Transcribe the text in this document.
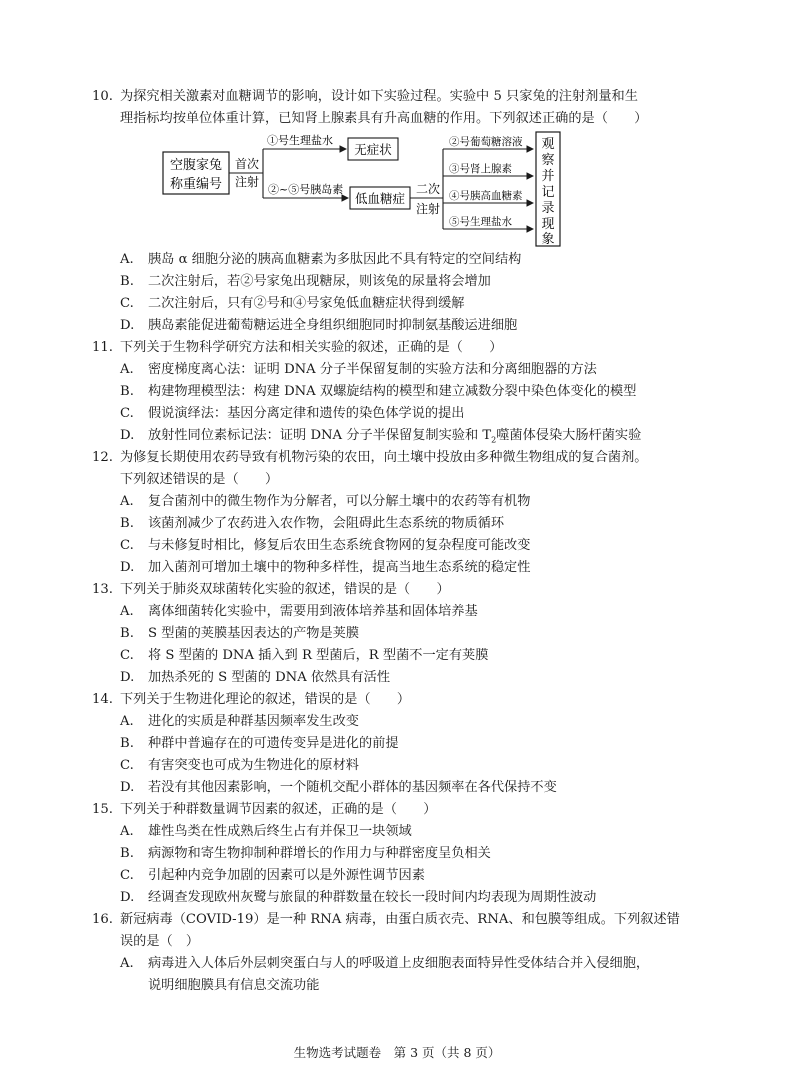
10. 为探究相关激素对血糖调节的影响，设计如下实验过程。实验中 5 只家兔的注射剂量和生
理指标均按单位体重计算，已知肾上腺素具有升高血糖的作用。下列叙述正确的是（　　）
空腹家兔
称重编号
首次
注射
①号生理盐水
无症状
②~⑤号胰岛素
低血糖症
二次
注射
②号葡萄糖溶液
③号肾上腺素
④号胰高血糖素
⑤号生理盐水
观
察
并
记
录
现
象
A. 胰岛 α 细胞分泌的胰高血糖素为多肽因此不具有特定的空间结构
B. 二次注射后，若②号家兔出现糖尿，则该兔的尿量将会增加
C. 二次注射后，只有②号和④号家兔低血糖症状得到缓解
D. 胰岛素能促进葡萄糖运进全身组织细胞同时抑制氨基酸运进细胞
11. 下列关于生物科学研究方法和相关实验的叙述，正确的是（　　）
A. 密度梯度离心法：证明 DNA 分子半保留复制的实验方法和分离细胞器的方法
B. 构建物理模型法：构建 DNA 双螺旋结构的模型和建立减数分裂中染色体变化的模型
C. 假说演绎法：基因分离定律和遗传的染色体学说的提出
D. 放射性同位素标记法：证明 DNA 分子半保留复制实验和 $T_2$噬菌体侵染大肠杆菌实验
12. 为修复长期使用农药导致有机物污染的农田，向土壤中投放由多种微生物组成的复合菌剂。
下列叙述错误的是（　　）
A. 复合菌剂中的微生物作为分解者，可以分解土壤中的农药等有机物
B. 该菌剂减少了农药进入农作物，会阻碍此生态系统的物质循环
C. 与未修复时相比，修复后农田生态系统食物网的复杂程度可能改变
D. 加入菌剂可增加土壤中的物种多样性，提高当地生态系统的稳定性
13. 下列关于肺炎双球菌转化实验的叙述，错误的是（　　）
A. 离体细菌转化实验中，需要用到液体培养基和固体培养基
B. S 型菌的荚膜基因表达的产物是荚膜
C. 将 S 型菌的 DNA 插入到 R 型菌后，R 型菌不一定有荚膜
D. 加热杀死的 S 型菌的 DNA 依然具有活性
14. 下列关于生物进化理论的叙述，错误的是（　　）
A. 进化的实质是种群基因频率发生改变
B. 种群中普遍存在的可遗传变异是进化的前提
C. 有害突变也可成为生物进化的原材料
D. 若没有其他因素影响，一个随机交配小群体的基因频率在各代保持不变
15. 下列关于种群数量调节因素的叙述，正确的是（　　）
A. 雄性鸟类在性成熟后终生占有并保卫一块领域
B. 病源物和寄生物抑制种群增长的作用力与种群密度呈负相关
C. 引起种内竞争加剧的因素可以是外源性调节因素
D. 经调查发现欧州灰鹭与旅鼠的种群数量在较长一段时间内均表现为周期性波动
16. 新冠病毒（COVID-19）是一种 RNA 病毒，由蛋白质衣壳、RNA、和包膜等组成。下列叙述错
误的是（　）
A. 病毒进入人体后外层刺突蛋白与人的呼吸道上皮细胞表面特异性受体结合并入侵细胞，
说明细胞膜具有信息交流功能
生物选考试题卷　第 3 页（共 8 页）
